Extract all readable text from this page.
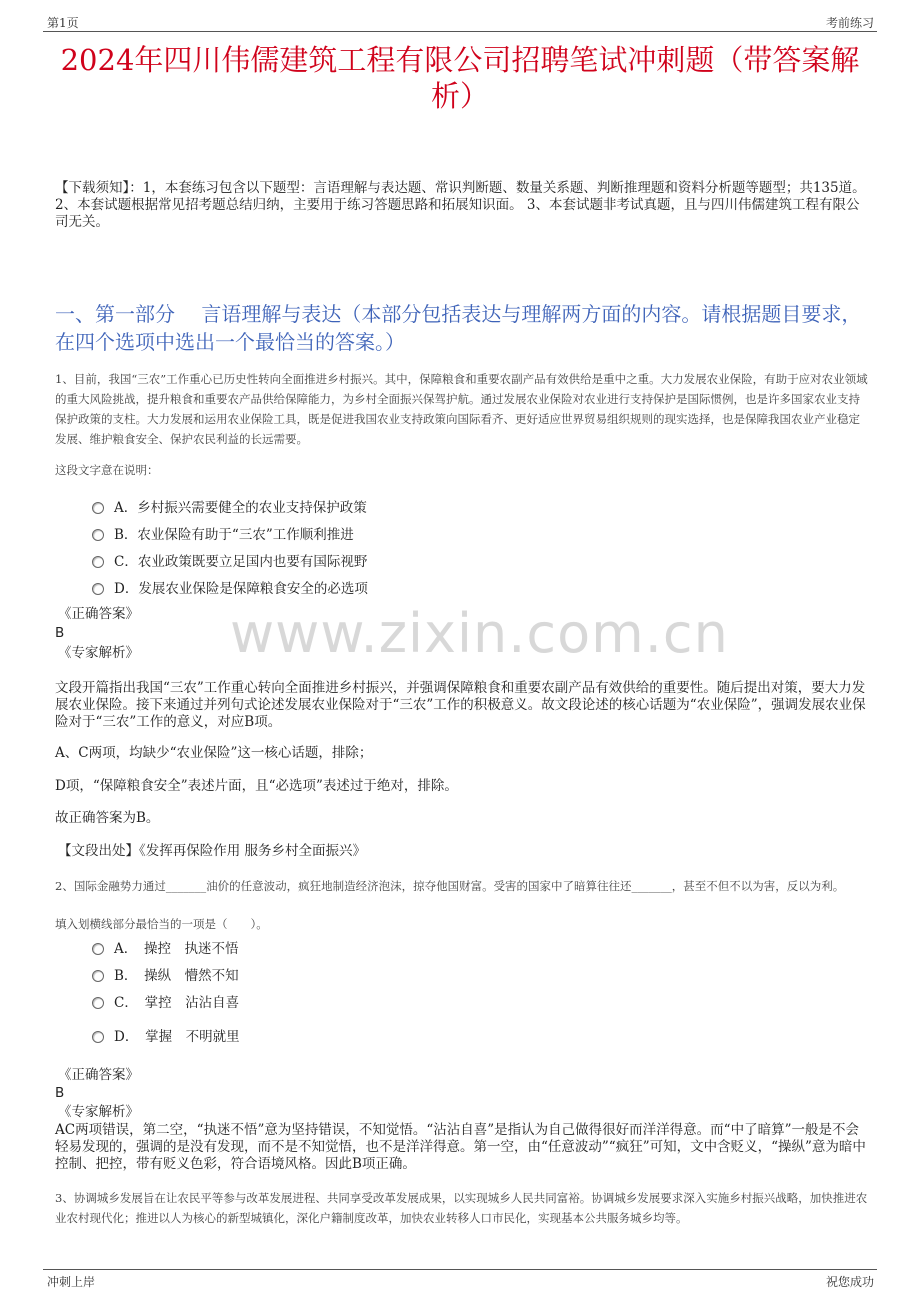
第1页	考前练习
2024年四川伟儒建筑工程有限公司招聘笔试冲刺题（带答案解析）
【下载须知】：1，本套练习包含以下题型：言语理解与表达题、常识判断题、数量关系题、判断推理题和资料分析题等题型；共135道。 2、本套试题根据常见招考题总结归纳，主要用于练习答题思路和拓展知识面。 3、本套试题非考试真题，且与四川伟儒建筑工程有限公司无关。
一、第一部分　 言语理解与表达（本部分包括表达与理解两方面的内容。请根据题目要求，在四个选项中选出一个最恰当的答案。）
www.zixin.com.cn
1、目前，我国“三农”工作重心已历史性转向全面推进乡村振兴。其中，保障粮食和重要农副产品有效供给是重中之重。大力发展农业保险，有助于应对农业领域的重大风险挑战，提升粮食和重要农产品供给保障能力，为乡村全面振兴保驾护航。通过发展农业保险对农业进行支持保护是国际惯例，也是许多国家农业支持保护政策的支柱。大力发展和运用农业保险工具，既是促进我国农业支持政策向国际看齐、更好适应世界贸易组织规则的现实选择，也是保障我国农业产业稳定发展、维护粮食安全、保护农民利益的长远需要。
这段文字意在说明：
A．乡村振兴需要健全的农业支持保护政策
B．农业保险有助于“三农”工作顺利推进
C．农业政策既要立足国内也要有国际视野
D．发展农业保险是保障粮食安全的必选项
《正确答案》
B
《专家解析》
文段开篇指出我国“三农”工作重心转向全面推进乡村振兴，并强调保障粮食和重要农副产品有效供给的重要性。随后提出对策，要大力发展农业保险。接下来通过并列句式论述发展农业保险对于“三农”工作的积极意义。故文段论述的核心话题为“农业保险”，强调发展农业保险对于“三农”工作的意义，对应B项。
A、C两项，均缺少“农业保险”这一核心话题，排除；
D项，“保障粮食安全”表述片面，且“必选项”表述过于绝对，排除。
故正确答案为B。
【文段出处】《发挥再保险作用 服务乡村全面振兴》
2、国际金融势力通过_______油价的任意波动，疯狂地制造经济泡沫，掠夺他国财富。受害的国家中了暗算往往还_______，甚至不但不以为害，反以为利。
填入划横线部分最恰当的一项是（　　）。
A．　操控　执迷不悟
B．　操纵　懵然不知
C．　掌控　沾沾自喜
D．　掌握　不明就里
《正确答案》
B
《专家解析》
AC两项错误，第二空，“执迷不悟”意为坚持错误，不知觉悟。“沾沾自喜”是指认为自己做得很好而洋洋得意。而“中了暗算”一般是不会轻易发现的，强调的是没有发现，而不是不知觉悟，也不是洋洋得意。第一空，由“任意波动”“疯狂”可知，文中含贬义，“操纵”意为暗中控制、把控，带有贬义色彩，符合语境风格。因此B项正确。
3、协调城乡发展旨在让农民平等参与改革发展进程、共同享受改革发展成果，以实现城乡人民共同富裕。协调城乡发展要求深入实施乡村振兴战略，加快推进农业农村现代化；推进以人为核心的新型城镇化，深化户籍制度改革，加快农业转移人口市民化，实现基本公共服务城乡均等。
冲刺上岸	祝您成功
